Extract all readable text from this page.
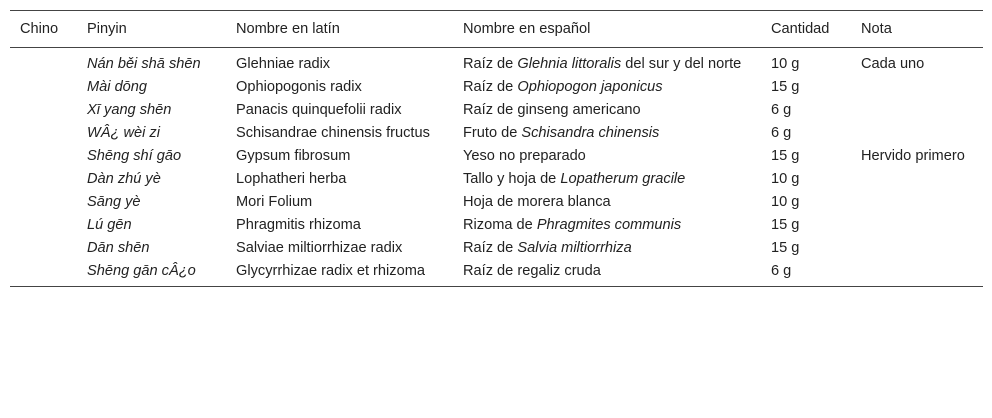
Chino	Pinyin	Nombre en latín	Nombre en español	Cantidad	Nota
	Nán běi shā shēn	Glehniae radix	Raíz de Glehnia littoralis del sur y del norte	10 g	Cada uno
	Mài dōng	Ophiopogonis radix	Raíz de Ophiopogon japonicus	15 g	
	Xī yang shēn	Panacis quinquefolii radix	Raíz de ginseng americano	6 g	
	WÂ¿ wèi zi	Schisandrae chinensis fructus	Fruto de Schisandra chinensis	6 g	
	Shēng shí gāo	Gypsum fibrosum	Yeso no preparado	15 g	Hervido primero
	Dàn zhú yè	Lophatheri herba	Tallo y hoja de Lopatherum gracile	10 g	
	Sāng yè	Mori Folium	Hoja de morera blanca	10 g	
	Lú gēn	Phragmitis rhizoma	Rizoma de Phragmites communis	15 g	
	Dān shēn	Salviae miltiorrhizae radix	Raíz de Salvia miltiorrhiza	15 g	
	Shēng gān cÂ¿o	Glycyrrhizae radix et rhizoma	Raíz de regaliz cruda	6 g	
